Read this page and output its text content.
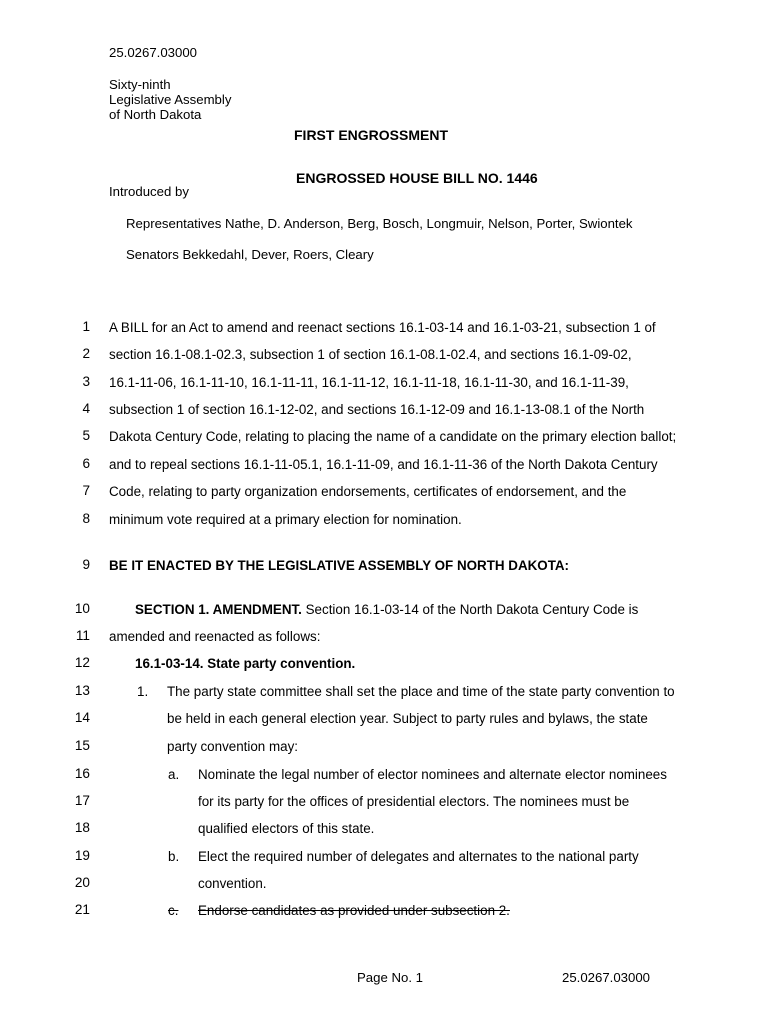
25.0267.03000
Sixty-ninth
Legislative Assembly
of North Dakota
FIRST ENGROSSMENT
ENGROSSED HOUSE BILL NO. 1446
Introduced by
Representatives Nathe, D. Anderson, Berg, Bosch, Longmuir, Nelson, Porter, Swiontek
Senators Bekkedahl, Dever, Roers, Cleary
1
2
3
4
5
6
7
8
9
10
11
12
13
14
15
16
17
18
19
20
21
A BILL for an Act to amend and reenact sections 16.1-03-14 and 16.1-03-21, subsection 1 of
section 16.1-08.1-02.3, subsection 1 of section 16.1-08.1-02.4, and sections 16.1-09-02,
16.1-11-06, 16.1-11-10, 16.1-11-11, 16.1-11-12, 16.1-11-18, 16.1-11-30, and 16.1-11-39,
subsection 1 of section 16.1-12-02, and sections 16.1-12-09 and 16.1-13-08.1 of the North
Dakota Century Code, relating to placing the name of a candidate on the primary election ballot;
and to repeal sections 16.1-11-05.1, 16.1-11-09, and 16.1-11-36 of the North Dakota Century
Code, relating to party organization endorsements, certificates of endorsement, and the
minimum vote required at a primary election for nomination.
BE IT ENACTED BY THE LEGISLATIVE ASSEMBLY OF NORTH DAKOTA:
SECTION 1. AMENDMENT. Section 16.1-03-14 of the North Dakota Century Code is
amended and reenacted as follows:
16.1-03-14. State party convention.
1. The party state committee shall set the place and time of the state party convention to
be held in each general election year. Subject to party rules and bylaws, the state
party convention may:
a. Nominate the legal number of elector nominees and alternate elector nominees
for its party for the offices of presidential electors. The nominees must be
qualified electors of this state.
b. Elect the required number of delegates and alternates to the national party
convention.
c. Endorse candidates as provided under subsection 2.
Page No. 1	25.0267.03000
